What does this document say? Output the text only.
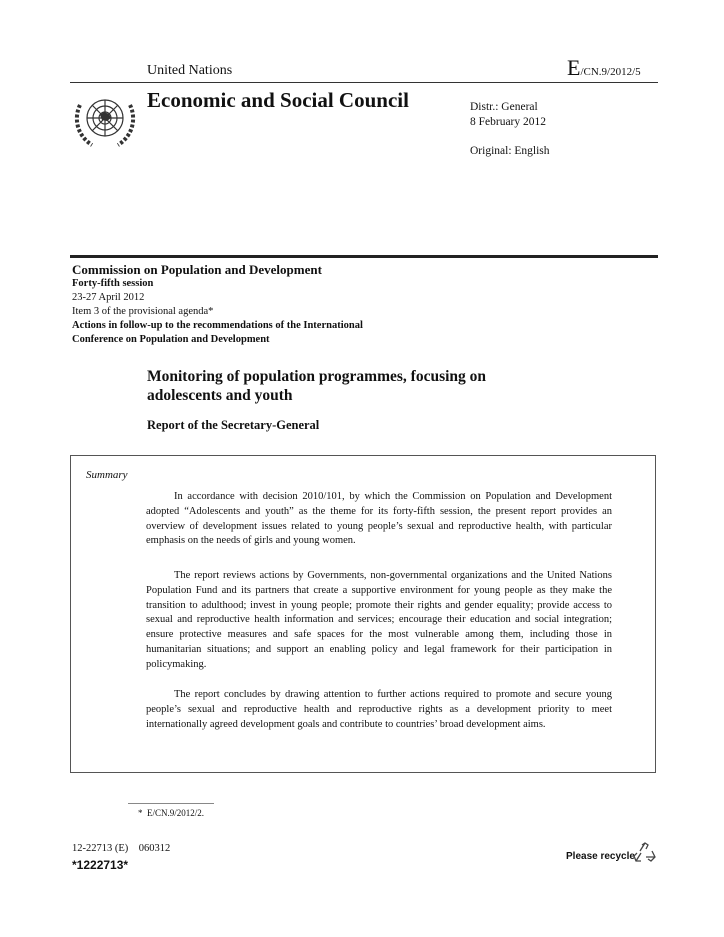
United Nations	E/CN.9/2012/5
Economic and Social Council	Distr.: General
8 February 2012
Original: English
Commission on Population and Development
Forty-fifth session
23-27 April 2012
Item 3 of the provisional agenda*
Actions in follow-up to the recommendations of the International
Conference on Population and Development
Monitoring of population programmes, focusing on
adolescents and youth
Report of the Secretary-General
Summary

In accordance with decision 2010/101, by which the Commission on Population and Development adopted “Adolescents and youth” as the theme for its forty-fifth session, the present report provides an overview of development issues related to young people’s sexual and reproductive health, with particular emphasis on the needs of girls and young women.

The report reviews actions by Governments, non-governmental organizations and the United Nations Population Fund and its partners that create a supportive environment for young people as they make the transition to adulthood; invest in young people; promote their rights and gender equality; provide access to sexual and reproductive health information and services; encourage their education and social integration; ensure protective measures and safe spaces for the most vulnerable among them, including those in humanitarian situations; and support an enabling policy and legal framework for their participation in policymaking.

The report concludes by drawing attention to further actions required to promote and secure young people’s sexual and reproductive health and reproductive rights as a development priority to meet internationally agreed development goals and contribute to countries’ broad development aims.

*  E/CN.9/2012/2.
12-22713 (E)    060312
*1222713*
Please recycle
